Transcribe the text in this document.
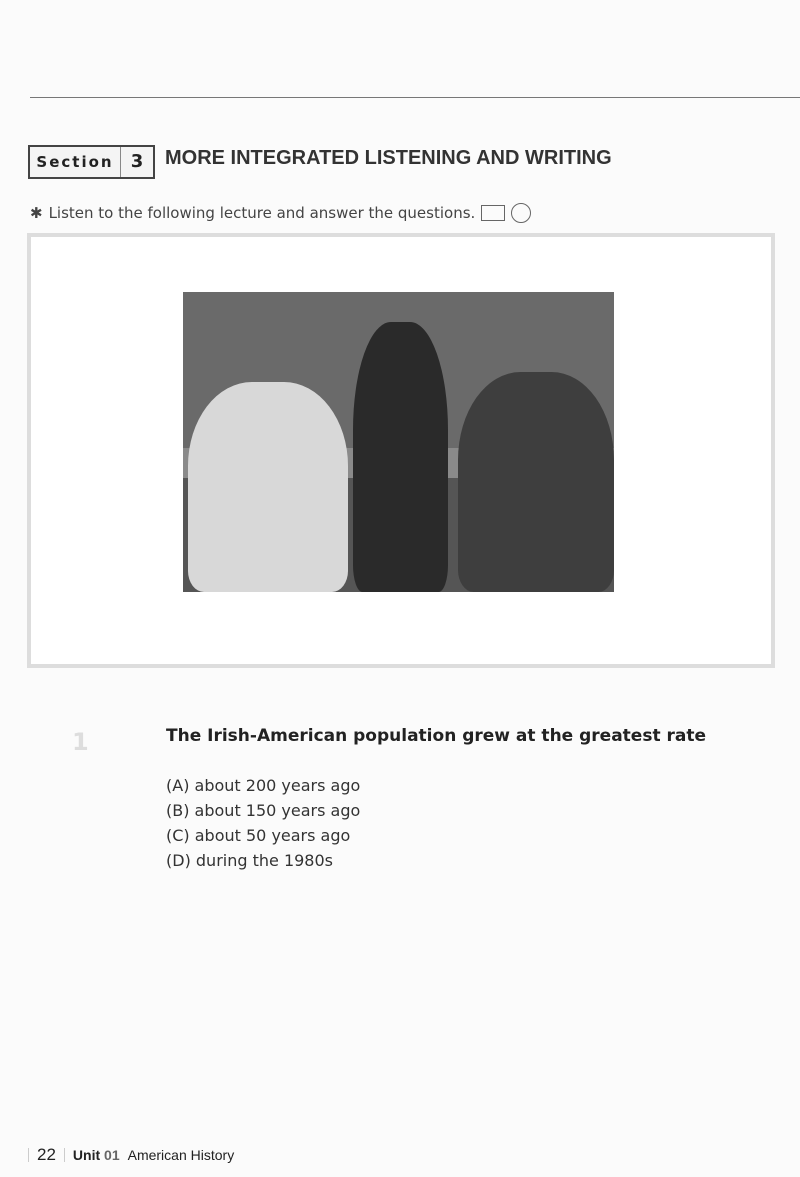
Section 3	MORE INTEGRATED LISTENING AND WRITING
✱ Listen to the following lecture and answer the questions.
1	The Irish-American population grew at the greatest rate
(A) about 200 years ago
(B) about 150 years ago
(C) about 50 years ago
(D) during the 1980s
22 Unit 01 American History
